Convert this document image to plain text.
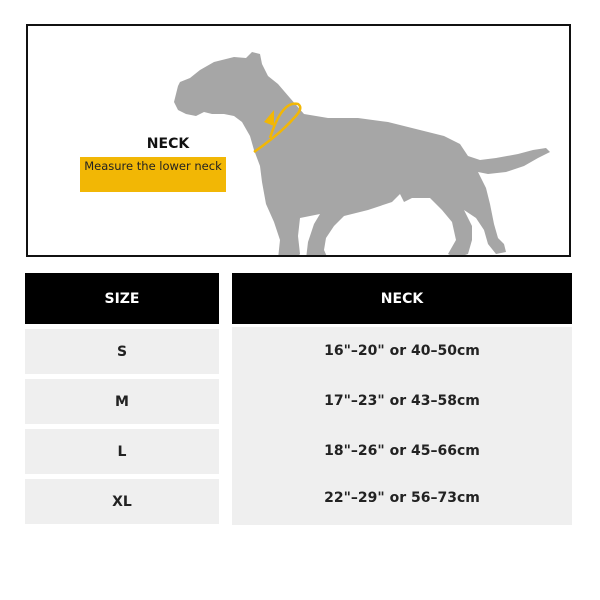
NECK
Measure the lower neck
SIZE	NECK
S
M
L
XL
16"–20" or 40–50cm
17"–23" or 43–58cm
18"–26" or 45–66cm
22"–29" or 56–73cm
